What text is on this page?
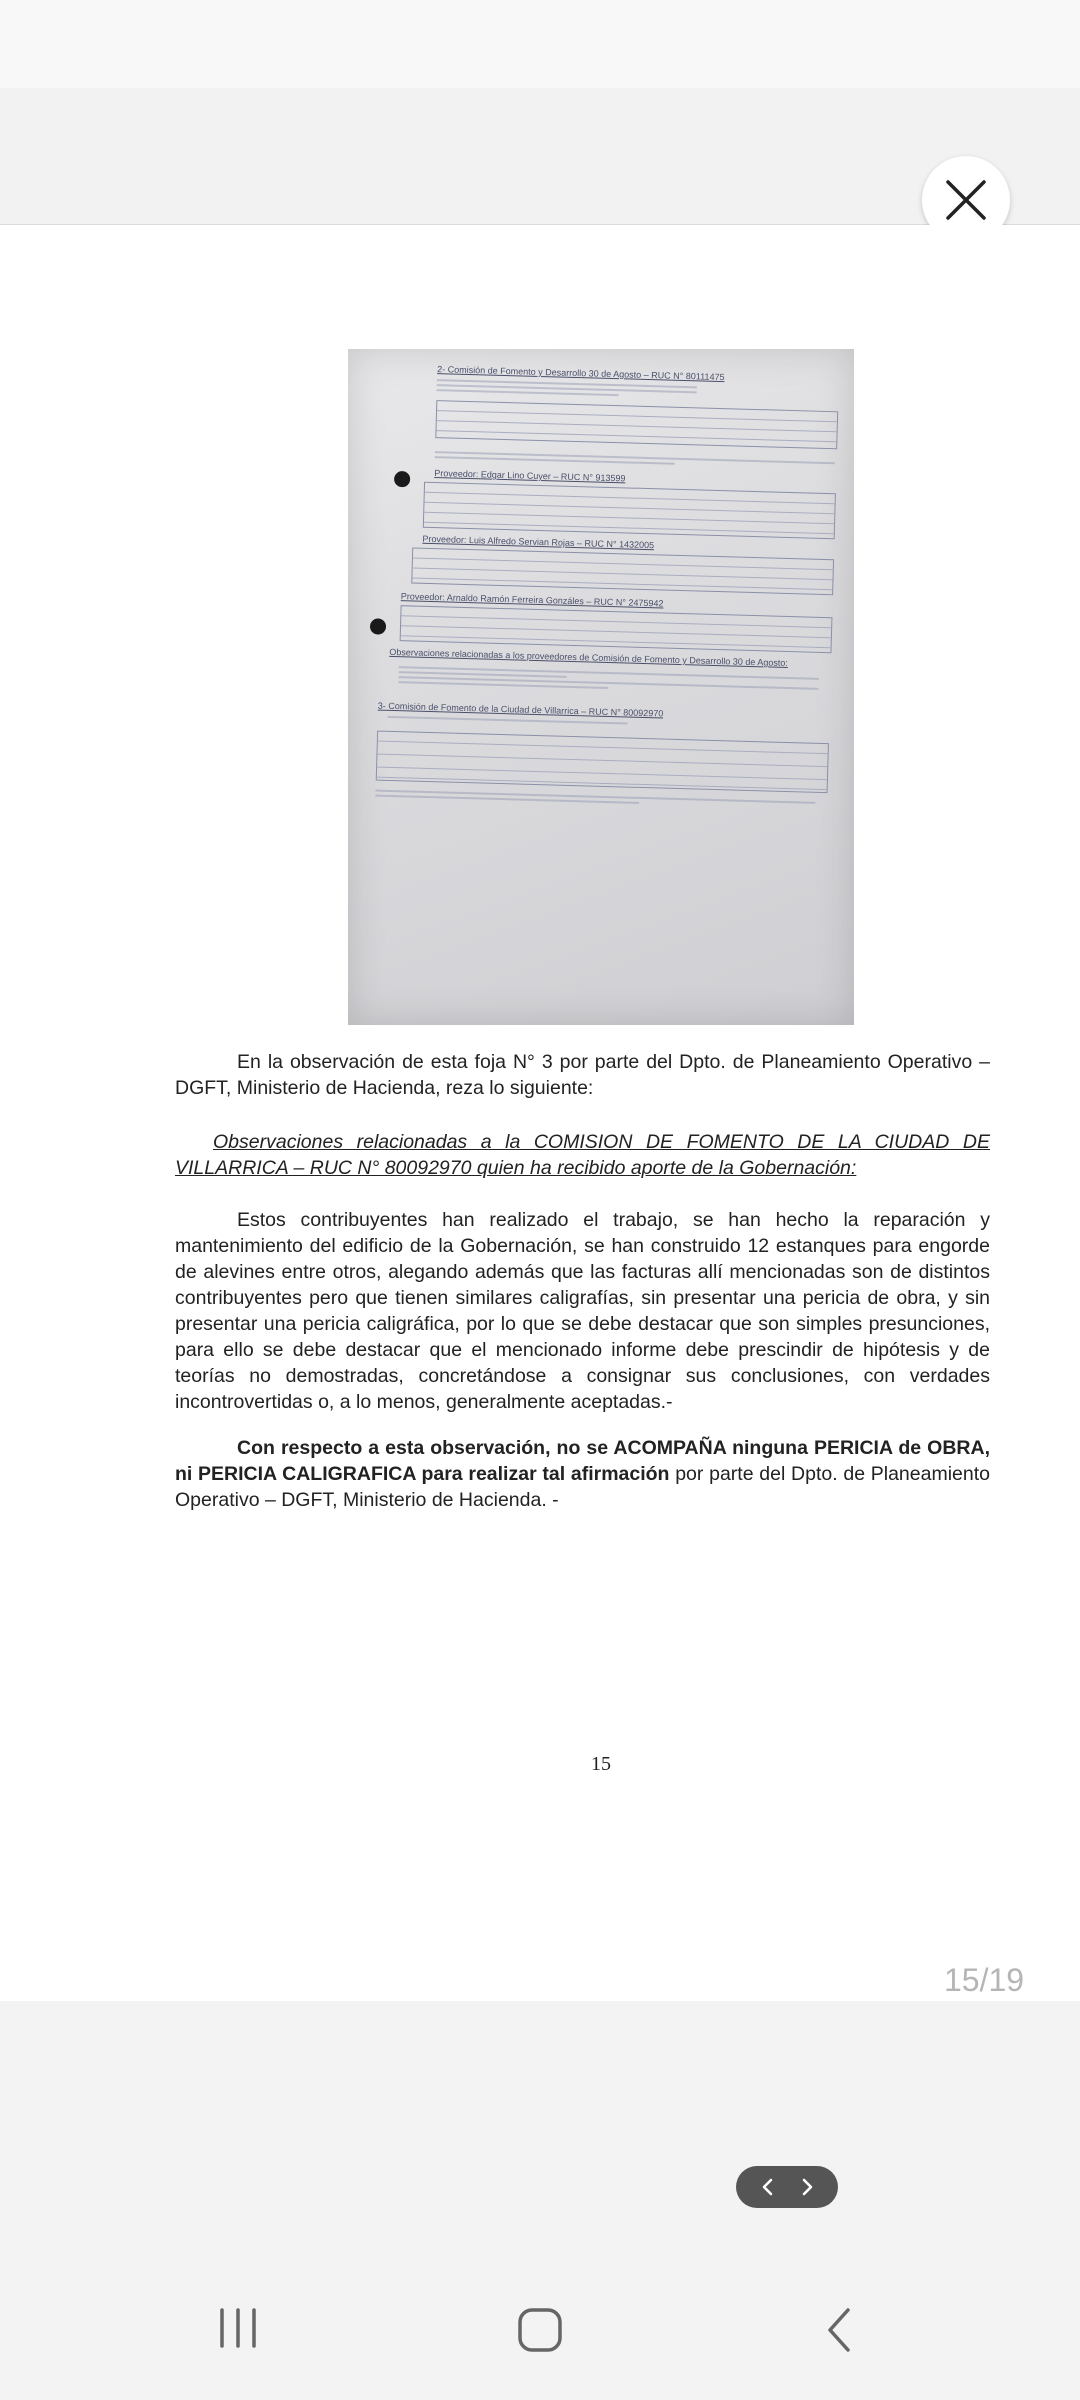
2- Comisión de Fomento y Desarrollo 30 de Agosto – RUC N° 80111475
Proveedor: Edgar Lino Cuyer – RUC N° 913599
Proveedor: Luis Alfredo Servian Rojas – RUC N° 1432005
Proveedor: Arnaldo Ramón Ferreira Gonzáles – RUC N° 2475942
Observaciones relacionadas a los proveedores de Comisión de Fomento y Desarrollo 30 de Agosto:
3- Comisión de Fomento de la Ciudad de Villarrica – RUC N° 80092970
En la observación de esta foja N° 3 por parte del Dpto. de Planeamiento Operativo – DGFT, Ministerio de Hacienda, reza lo siguiente:
Observaciones relacionadas a la COMISION DE FOMENTO DE LA CIUDAD DE VILLARRICA – RUC N° 80092970 quien ha recibido aporte de la Gobernación:
Estos contribuyentes han realizado el trabajo, se han hecho la reparación y mantenimiento del edificio de la Gobernación, se han construido 12 estanques para engorde de alevines entre otros, alegando además que las facturas allí mencionadas son de distintos contribuyentes pero que tienen similares caligrafías, sin presentar una pericia de obra, y sin presentar una pericia caligráfica, por lo que se debe destacar que son simples presunciones, para ello se debe destacar que el mencionado informe debe prescindir de hipótesis y de teorías no demostradas, concretándose a consignar sus conclusiones, con verdades incontrovertidas o, a lo menos, generalmente aceptadas.-
Con respecto a esta observación, no se ACOMPAÑA ninguna PERICIA de OBRA, ni PERICIA CALIGRAFICA para realizar tal afirmación por parte del Dpto. de Planeamiento Operativo – DGFT, Ministerio de Hacienda. -
15
15/19
